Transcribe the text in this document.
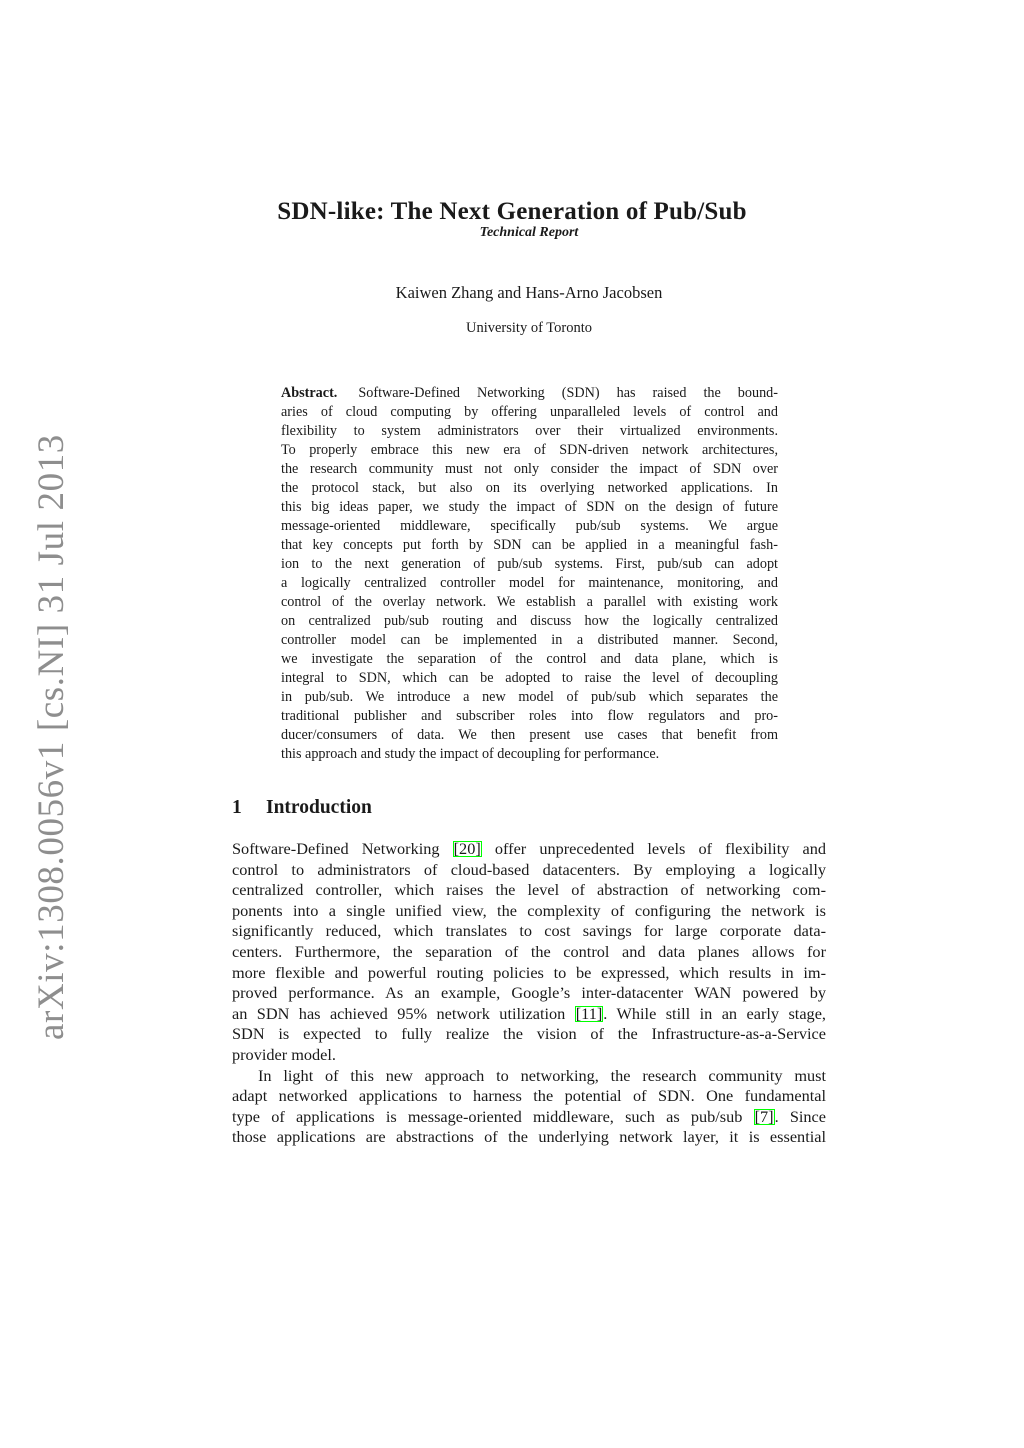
arXiv:1308.0056v1 [cs.NI] 31 Jul 2013
SDN-like: The Next Generation of Pub/Sub
Technical Report
Kaiwen Zhang and Hans-Arno Jacobsen
University of Toronto
Abstract. Software-Defined Networking (SDN) has raised the bound-
aries of cloud computing by offering unparalleled levels of control and
flexibility to system administrators over their virtualized environments.
To properly embrace this new era of SDN-driven network architectures,
the research community must not only consider the impact of SDN over
the protocol stack, but also on its overlying networked applications. In
this big ideas paper, we study the impact of SDN on the design of future
message-oriented middleware, specifically pub/sub systems. We argue
that key concepts put forth by SDN can be applied in a meaningful fash-
ion to the next generation of pub/sub systems. First, pub/sub can adopt
a logically centralized controller model for maintenance, monitoring, and
control of the overlay network. We establish a parallel with existing work
on centralized pub/sub routing and discuss how the logically centralized
controller model can be implemented in a distributed manner. Second,
we investigate the separation of the control and data plane, which is
integral to SDN, which can be adopted to raise the level of decoupling
in pub/sub. We introduce a new model of pub/sub which separates the
traditional publisher and subscriber roles into flow regulators and pro-
ducer/consumers of data. We then present use cases that benefit from
this approach and study the impact of decoupling for performance.
1 Introduction
Software-Defined Networking [20] offer unprecedented levels of flexibility and
control to administrators of cloud-based datacenters. By employing a logically
centralized controller, which raises the level of abstraction of networking com-
ponents into a single unified view, the complexity of configuring the network is
significantly reduced, which translates to cost savings for large corporate data-
centers. Furthermore, the separation of the control and data planes allows for
more flexible and powerful routing policies to be expressed, which results in im-
proved performance. As an example, Google’s inter-datacenter WAN powered by
an SDN has achieved 95% network utilization [11]. While still in an early stage,
SDN is expected to fully realize the vision of the Infrastructure-as-a-Service
provider model.
In light of this new approach to networking, the research community must
adapt networked applications to harness the potential of SDN. One fundamental
type of applications is message-oriented middleware, such as pub/sub [7]. Since
those applications are abstractions of the underlying network layer, it is essential
